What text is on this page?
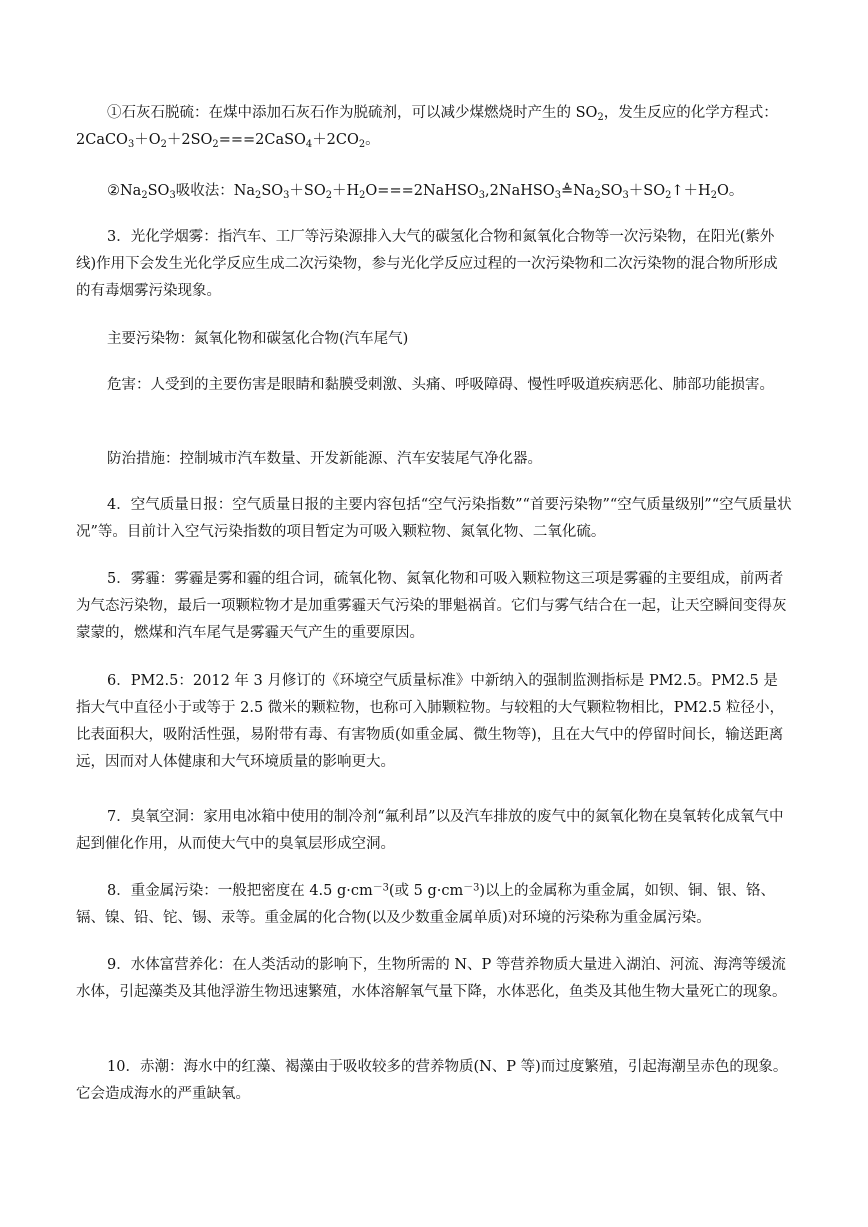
①石灰石脱硫：在煤中添加石灰石作为脱硫剂，可以减少煤燃烧时产生的 $SO_2$，发生反应的化学方程式：
$2CaCO_3+O_2+2SO_2===2CaSO_4+2CO_2$。
$②Na_2SO_3$吸收法：$Na_2SO_3+SO_2+H_2O===2NaHSO_3,2NaHSO_3≜Na_2SO_3+SO_2↑+H_2O$。
3．光化学烟雾：指汽车、工厂等污染源排入大气的碳氢化合物和氮氧化合物等一次污染物，在阳光(紫外线)作用下会发生光化学反应生成二次污染物，参与光化学反应过程的一次污染物和二次污染物的混合物所形成的有毒烟雾污染现象。
主要污染物：氮氧化物和碳氢化合物(汽车尾气)
危害：人受到的主要伤害是眼睛和黏膜受刺激、头痛、呼吸障碍、慢性呼吸道疾病恶化、肺部功能损害。
防治措施：控制城市汽车数量、开发新能源、汽车安装尾气净化器。
4．空气质量日报：空气质量日报的主要内容包括“空气污染指数”“首要污染物”“空气质量级别”“空气质量状况”等。目前计入空气污染指数的项目暂定为可吸入颗粒物、氮氧化物、二氧化硫。
5．雾霾：雾霾是雾和霾的组合词，硫氧化物、氮氧化物和可吸入颗粒物这三项是雾霾的主要组成，前两者为气态污染物，最后一项颗粒物才是加重雾霾天气污染的罪魁祸首。它们与雾气结合在一起，让天空瞬间变得灰蒙蒙的，燃煤和汽车尾气是雾霾天气产生的重要原因。
6．PM2.5：2012 年 3 月修订的《环境空气质量标准》中新纳入的强制监测指标是 PM2.5。PM2.5 是指大气中直径小于或等于 2.5 微米的颗粒物，也称可入肺颗粒物。与较粗的大气颗粒物相比，PM2.5 粒径小，比表面积大，吸附活性强，易附带有毒、有害物质(如重金属、微生物等)，且在大气中的停留时间长，输送距离远，因而对人体健康和大气环境质量的影响更大。
7．臭氧空洞：家用电冰箱中使用的制冷剂“氟利昂”以及汽车排放的废气中的氮氧化物在臭氧转化成氧气中起到催化作用，从而使大气中的臭氧层形成空洞。
8．重金属污染：一般把密度在 4.5 $g\cdot cm^{-3}$(或 5 $g\cdot cm^{-3}$)以上的金属称为重金属，如钡、铜、银、铬、镉、镍、铅、铊、锡、汞等。重金属的化合物(以及少数重金属单质)对环境的污染称为重金属污染。
9．水体富营养化：在人类活动的影响下，生物所需的 N、P 等营养物质大量进入湖泊、河流、海湾等缓流水体，引起藻类及其他浮游生物迅速繁殖，水体溶解氧气量下降，水体恶化，鱼类及其他生物大量死亡的现象。
10．赤潮：海水中的红藻、褐藻由于吸收较多的营养物质(N、P 等)而过度繁殖，引起海潮呈赤色的现象。它会造成海水的严重缺氧。
